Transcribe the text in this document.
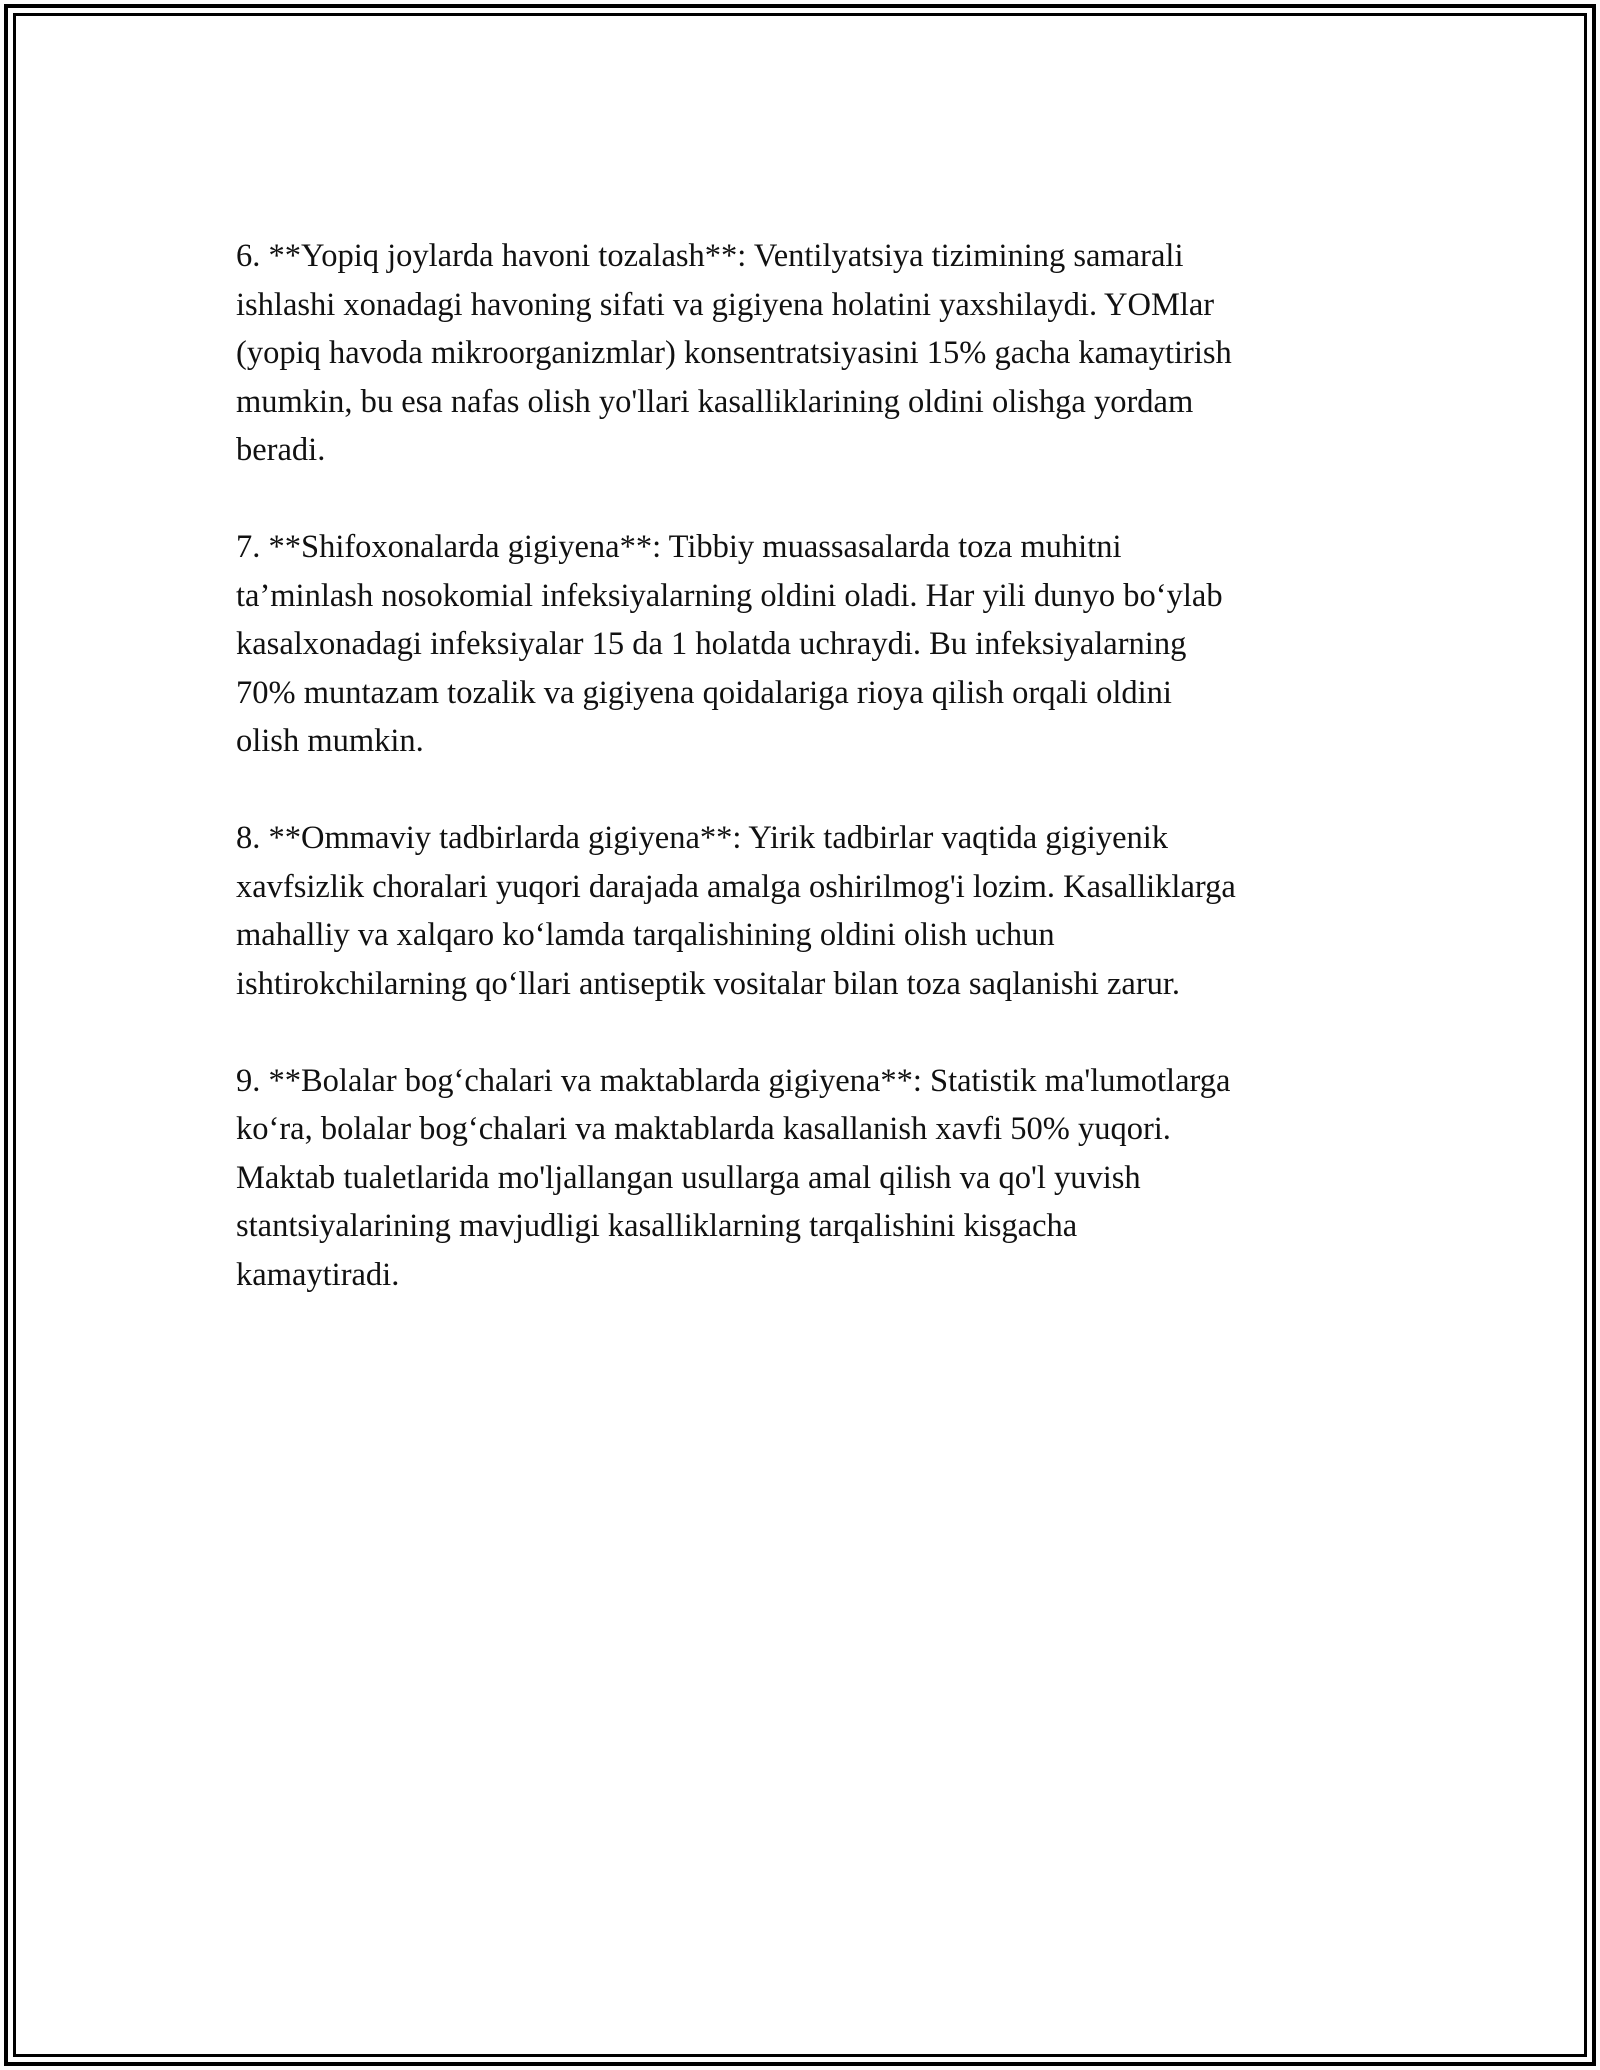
6. **Yopiq joylarda havoni tozalash**: Ventilyatsiya tizimining samarali
ishlashi xonadagi havoning sifati va gigiyena holatini yaxshilaydi. YOMlar
(yopiq havoda mikroorganizmlar) konsentratsiyasini 15% gacha kamaytirish
mumkin, bu esa nafas olish yo'llari kasalliklarining oldini olishga yordam
beradi.

7. **Shifoxonalarda gigiyena**: Tibbiy muassasalarda toza muhitni
ta’minlash nosokomial infeksiyalarning oldini oladi. Har yili dunyo bo‘ylab
kasalxonadagi infeksiyalar 15 da 1 holatda uchraydi. Bu infeksiyalarning
70% muntazam tozalik va gigiyena qoidalariga rioya qilish orqali oldini
olish mumkin.

8. **Ommaviy tadbirlarda gigiyena**: Yirik tadbirlar vaqtida gigiyenik
xavfsizlik choralari yuqori darajada amalga oshirilmog'i lozim. Kasalliklarga
mahalliy va xalqaro ko‘lamda tarqalishining oldini olish uchun
ishtirokchilarning qo‘llari antiseptik vositalar bilan toza saqlanishi zarur.

9. **Bolalar bog‘chalari va maktablarda gigiyena**: Statistik ma'lumotlarga
ko‘ra, bolalar bog‘chalari va maktablarda kasallanish xavfi 50% yuqori.
Maktab tualetlarida mo'ljallangan usullarga amal qilish va qo'l yuvish
stantsiyalarining mavjudligi kasalliklarning tarqalishini kisgacha
kamaytiradi.
